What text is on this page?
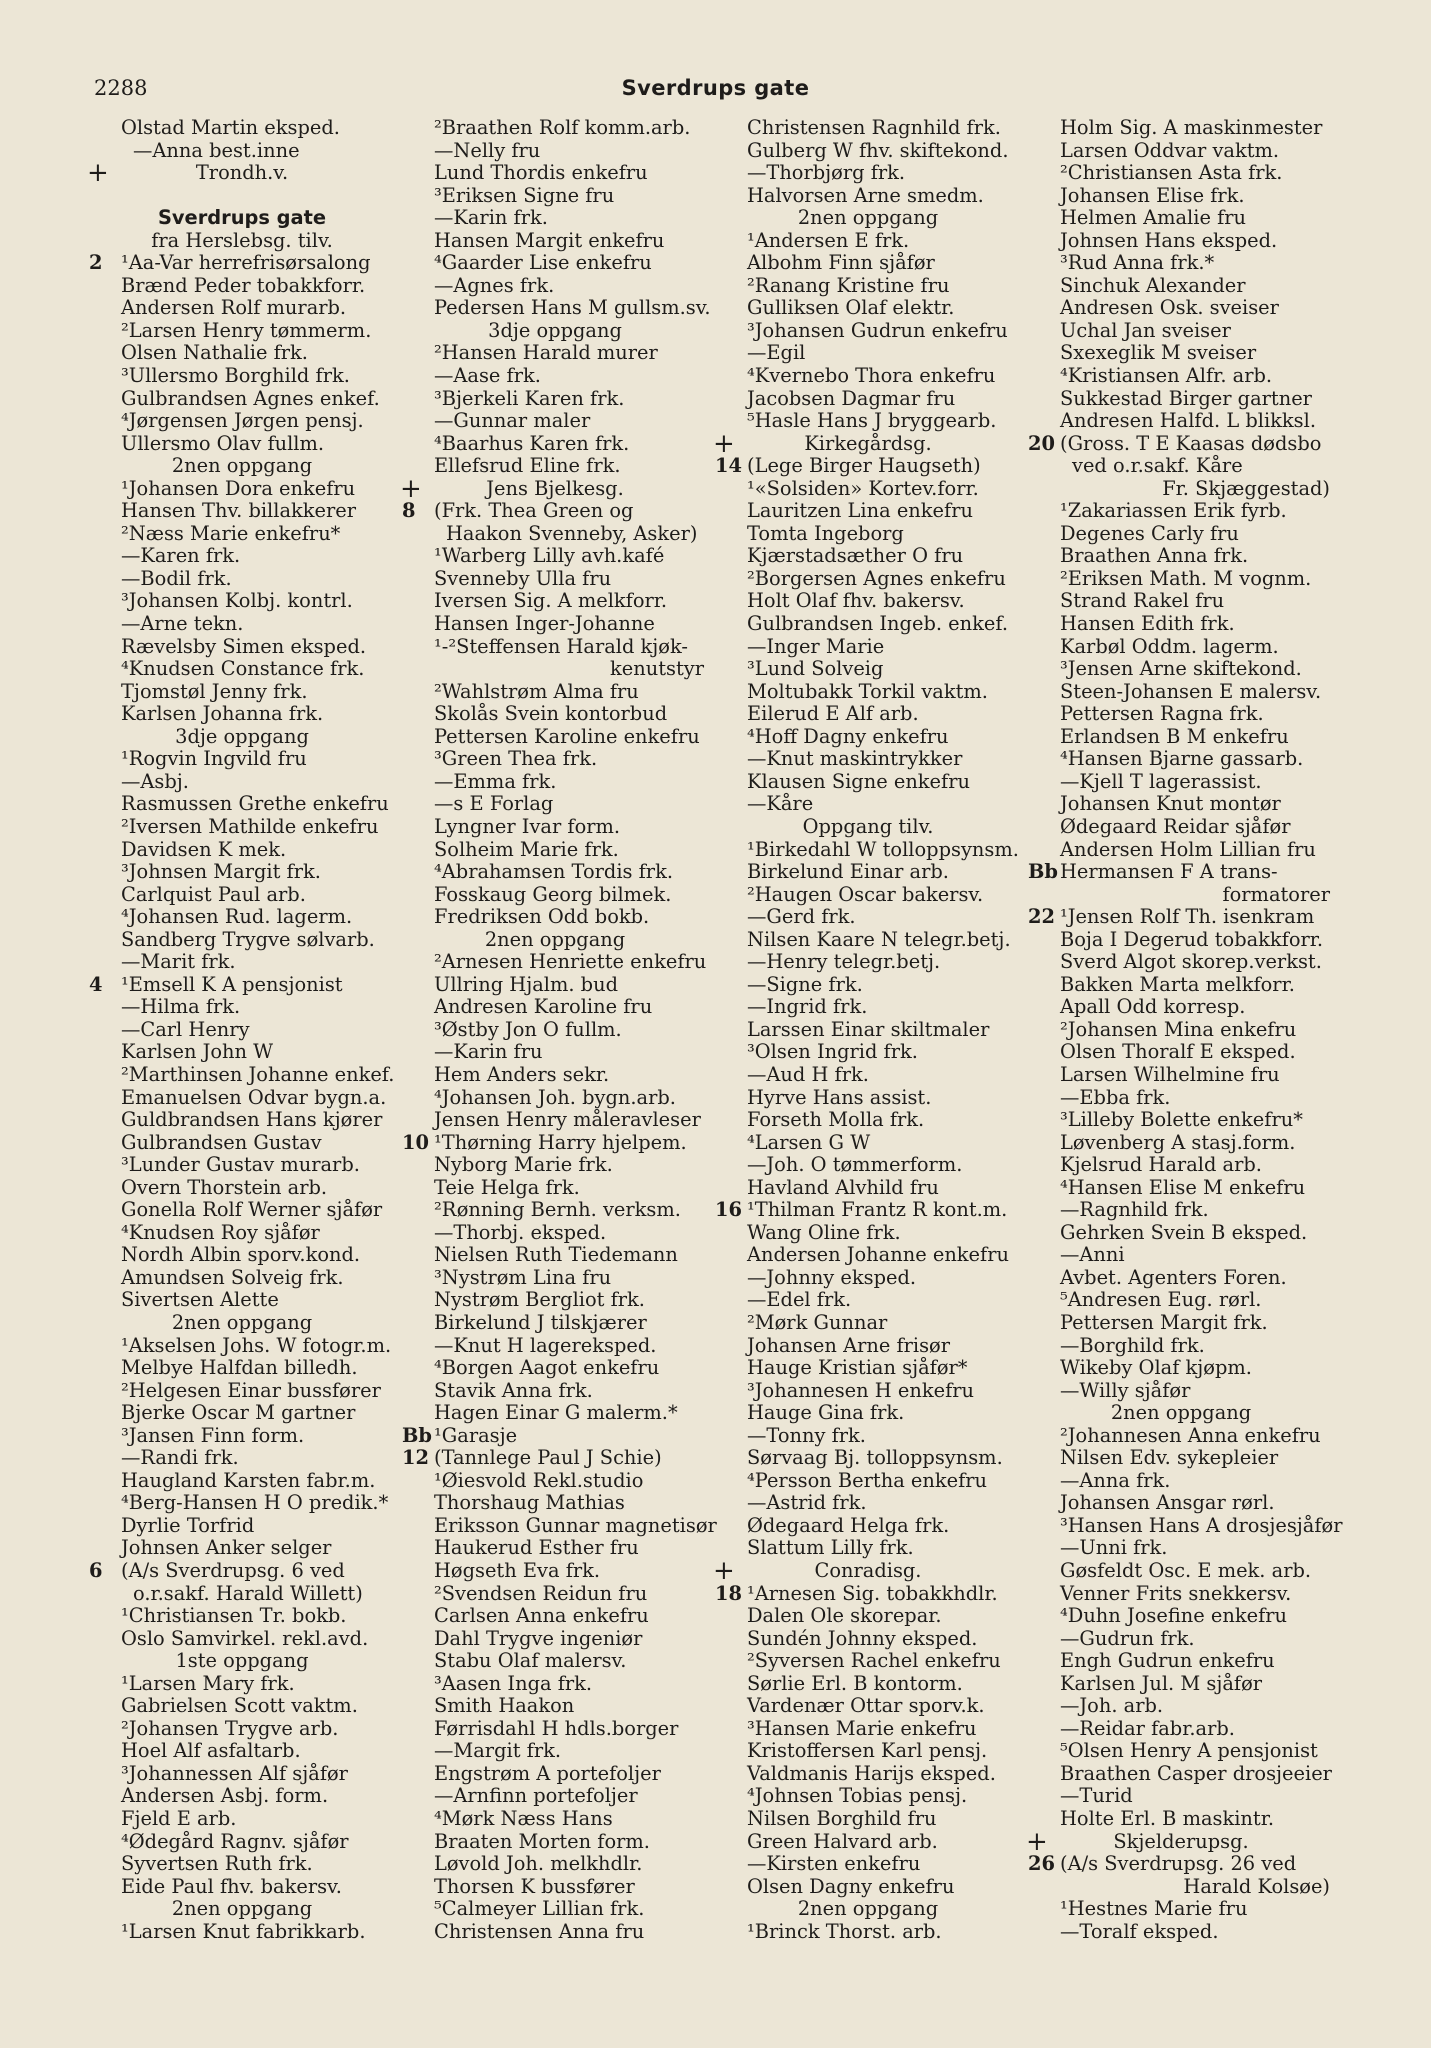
2288	Sverdrups gate
Olstad Martin eksped.
—Anna best.inne
+	Trondh.v.
Sverdrups gate
fra Herslebsg. tilv.
2 ¹Aa-Var herrefrisørsalong
Brænd Peder tobakkforr.
Andersen Rolf murarb.
²Larsen Henry tømmerm.
Olsen Nathalie frk.
³Ullersmo Borghild frk.
Gulbrandsen Agnes enkef.
⁴Jørgensen Jørgen pensj.
Ullersmo Olav fullm.
2nen oppgang
¹Johansen Dora enkefru
Hansen Thv. billakkerer
²Næss Marie enkefru*
—Karen frk.
—Bodil frk.
³Johansen Kolbj. kontrl.
—Arne tekn.
Rævelsby Simen eksped.
⁴Knudsen Constance frk.
Tjomstøl Jenny frk.
Karlsen Johanna frk.
3dje oppgang
¹Rogvin Ingvild fru
—Asbj.
Rasmussen Grethe enkefru
²Iversen Mathilde enkefru
Davidsen K mek.
³Johnsen Margit frk.
Carlquist Paul arb.
⁴Johansen Rud. lagerm.
Sandberg Trygve sølvarb.
—Marit frk.
4 ¹Emsell K A pensjonist
—Hilma frk.
—Carl Henry
Karlsen John W
²Marthinsen Johanne enkef.
Emanuelsen Odvar bygn.a.
Guldbrandsen Hans kjører
Gulbrandsen Gustav
³Lunder Gustav murarb.
Overn Thorstein arb.
Gonella Rolf Werner sjåfør
⁴Knudsen Roy sjåfør
Nordh Albin sporv.kond.
Amundsen Solveig frk.
Sivertsen Alette
2nen oppgang
¹Akselsen Johs. W fotogr.m.
Melbye Halfdan billedh.
²Helgesen Einar bussfører
Bjerke Oscar M gartner
³Jansen Finn form.
—Randi frk.
Haugland Karsten fabr.m.
⁴Berg-Hansen H O predik.*
Dyrlie Torfrid
Johnsen Anker selger
6 (A/s Sverdrupsg. 6 ved
o.r.sakf. Harald Willett)
¹Christiansen Tr. bokb.
Oslo Samvirkel. rekl.avd.
1ste oppgang
¹Larsen Mary frk.
Gabrielsen Scott vaktm.
²Johansen Trygve arb.
Hoel Alf asfaltarb.
³Johannessen Alf sjåfør
Andersen Asbj. form.
Fjeld E arb.
⁴Ødegård Ragnv. sjåfør
Syvertsen Ruth frk.
Eide Paul fhv. bakersv.
2nen oppgang
¹Larsen Knut fabrikkarb.
²Braathen Rolf komm.arb.
—Nelly fru
Lund Thordis enkefru
³Eriksen Signe fru
—Karin frk.
Hansen Margit enkefru
⁴Gaarder Lise enkefru
—Agnes frk.
Pedersen Hans M gullsm.sv.
3dje oppgang
²Hansen Harald murer
—Aase frk.
³Bjerkeli Karen frk.
—Gunnar maler
⁴Baarhus Karen frk.
Ellefsrud Eline frk.
+	Jens Bjelkesg.
8 (Frk. Thea Green og
Haakon Svenneby, Asker)
¹Warberg Lilly avh.kafé
Svenneby Ulla fru
Iversen Sig. A melkforr.
Hansen Inger-Johanne
¹-²Steffensen Harald kjøk-
kenutstyr
²Wahlstrøm Alma fru
Skolås Svein kontorbud
Pettersen Karoline enkefru
³Green Thea frk.
—Emma frk.
—s E Forlag
Lyngner Ivar form.
Solheim Marie frk.
⁴Abrahamsen Tordis frk.
Fosskaug Georg bilmek.
Fredriksen Odd bokb.
2nen oppgang
²Arnesen Henriette enkefru
Ullring Hjalm. bud
Andresen Karoline fru
³Østby Jon O fullm.
—Karin fru
Hem Anders sekr.
⁴Johansen Joh. bygn.arb.
Jensen Henry måleravleser
10 ¹Thørning Harry hjelpem.
Nyborg Marie frk.
Teie Helga frk.
²Rønning Bernh. verksm.
—Thorbj. eksped.
Nielsen Ruth Tiedemann
³Nystrøm Lina fru
Nystrøm Bergliot frk.
Birkelund J tilskjærer
—Knut H lagereksped.
⁴Borgen Aagot enkefru
Stavik Anna frk.
Hagen Einar G malerm.*
Bb ¹Garasje
12 (Tannlege Paul J Schie)
¹Øiesvold Rekl.studio
Thorshaug Mathias
Eriksson Gunnar magnetisør
Haukerud Esther fru
Høgseth Eva frk.
²Svendsen Reidun fru
Carlsen Anna enkefru
Dahl Trygve ingeniør
Stabu Olaf malersv.
³Aasen Inga frk.
Smith Haakon
Førrisdahl H hdls.borger
—Margit frk.
Engstrøm A portefoljer
—Arnfinn portefoljer
⁴Mørk Næss Hans
Braaten Morten form.
Løvold Joh. melkhdlr.
Thorsen K bussfører
⁵Calmeyer Lillian frk.
Christensen Anna fru
Christensen Ragnhild frk.
Gulberg W fhv. skiftekond.
—Thorbjørg frk.
Halvorsen Arne smedm.
2nen oppgang
¹Andersen E frk.
Albohm Finn sjåfør
²Ranang Kristine fru
Gulliksen Olaf elektr.
³Johansen Gudrun enkefru
—Egil
⁴Kvernebo Thora enkefru
Jacobsen Dagmar fru
⁵Hasle Hans J bryggearb.
+	Kirkegårdsg.
14 (Lege Birger Haugseth)
¹«Solsiden» Kortev.forr.
Lauritzen Lina enkefru
Tomta Ingeborg
Kjærstadsæther O fru
²Borgersen Agnes enkefru
Holt Olaf fhv. bakersv.
Gulbrandsen Ingeb. enkef.
—Inger Marie
³Lund Solveig
Moltubakk Torkil vaktm.
Eilerud E Alf arb.
⁴Hoff Dagny enkefru
—Knut maskintrykker
Klausen Signe enkefru
—Kåre
Oppgang tilv.
¹Birkedahl W tolloppsynsm.
Birkelund Einar arb.
²Haugen Oscar bakersv.
—Gerd frk.
Nilsen Kaare N telegr.betj.
—Henry telegr.betj.
—Signe frk.
—Ingrid frk.
Larssen Einar skiltmaler
³Olsen Ingrid frk.
—Aud H frk.
Hyrve Hans assist.
Forseth Molla frk.
⁴Larsen G W
—Joh. O tømmerform.
Havland Alvhild fru
16 ¹Thilman Frantz R kont.m.
Wang Oline frk.
Andersen Johanne enkefru
—Johnny eksped.
—Edel frk.
²Mørk Gunnar
Johansen Arne frisør
Hauge Kristian sjåfør*
³Johannesen H enkefru
Hauge Gina frk.
—Tonny frk.
Sørvaag Bj. tolloppsynsm.
⁴Persson Bertha enkefru
—Astrid frk.
Ødegaard Helga frk.
Slattum Lilly frk.
+	Conradisg.
18 ¹Arnesen Sig. tobakkhdlr.
Dalen Ole skorepar.
Sundén Johnny eksped.
²Syversen Rachel enkefru
Sørlie Erl. B kontorm.
Vardenær Ottar sporv.k.
³Hansen Marie enkefru
Kristoffersen Karl pensj.
Valdmanis Harijs eksped.
⁴Johnsen Tobias pensj.
Nilsen Borghild fru
Green Halvard arb.
—Kirsten enkefru
Olsen Dagny enkefru
2nen oppgang
¹Brinck Thorst. arb.
Holm Sig. A maskinmester
Larsen Oddvar vaktm.
²Christiansen Asta frk.
Johansen Elise frk.
Helmen Amalie fru
Johnsen Hans eksped.
³Rud Anna frk.*
Sinchuk Alexander
Andresen Osk. sveiser
Uchal Jan sveiser
Sxexeglik M sveiser
⁴Kristiansen Alfr. arb.
Sukkestad Birger gartner
Andresen Halfd. L blikksl.
20 (Gross. T E Kaasas dødsbo
ved o.r.sakf. Kåre
Fr. Skjæggestad)
¹Zakariassen Erik fyrb.
Degenes Carly fru
Braathen Anna frk.
²Eriksen Math. M vognm.
Strand Rakel fru
Hansen Edith frk.
Karbøl Oddm. lagerm.
³Jensen Arne skiftekond.
Steen-Johansen E malersv.
Pettersen Ragna frk.
Erlandsen B M enkefru
⁴Hansen Bjarne gassarb.
—Kjell T lagerassist.
Johansen Knut montør
Ødegaard Reidar sjåfør
Andersen Holm Lillian fru
Bb Hermansen F A trans-
formatorer
22 ¹Jensen Rolf Th. isenkram
Boja I Degerud tobakkforr.
Sverd Algot skorep.verkst.
Bakken Marta melkforr.
Apall Odd korresp.
²Johansen Mina enkefru
Olsen Thoralf E eksped.
Larsen Wilhelmine fru
—Ebba frk.
³Lilleby Bolette enkefru*
Løvenberg A stasj.form.
Kjelsrud Harald arb.
⁴Hansen Elise M enkefru
—Ragnhild frk.
Gehrken Svein B eksped.
—Anni
Avbet. Agenters Foren.
⁵Andresen Eug. rørl.
Pettersen Margit frk.
—Borghild frk.
Wikeby Olaf kjøpm.
—Willy sjåfør
2nen oppgang
²Johannesen Anna enkefru
Nilsen Edv. sykepleier
—Anna frk.
Johansen Ansgar rørl.
³Hansen Hans A drosjesjåfør
—Unni frk.
Gøsfeldt Osc. E mek. arb.
Venner Frits snekkersv.
⁴Duhn Josefine enkefru
—Gudrun frk.
Engh Gudrun enkefru
Karlsen Jul. M sjåfør
—Joh. arb.
—Reidar fabr.arb.
⁵Olsen Henry A pensjonist
Braathen Casper drosjeeier
—Turid
Holte Erl. B maskintr.
+	Skjelderupsg.
26 (A/s Sverdrupsg. 26 ved
Harald Kolsøe)
¹Hestnes Marie fru
—Toralf eksped.
